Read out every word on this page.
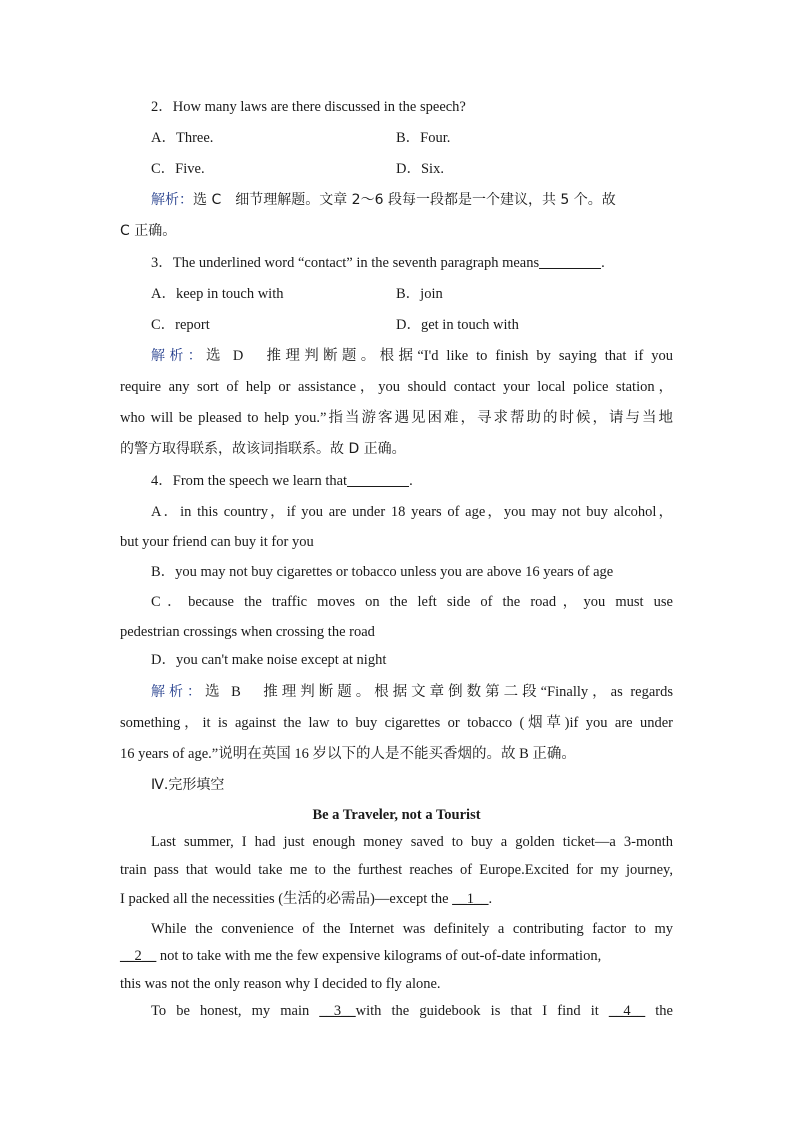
2．How many laws are there discussed in the speech?
A．Three.	B．Four.
C．Five.	D．Six.
解析：选 C　细节理解题。文章 2～6 段每一段都是一个建议，共 5 个。故
C 正确。
3．The underlined word “contact” in the seventh paragraph means	.
A．keep in touch with	B．join
C．report	D．get in touch with
解析：选 D　推理判断题。根据“I'd like to finish by saying that if you
require any sort of help or assistance，you should contact your local police station，
who will be pleased to help you.”指当游客遇见困难，寻求帮助的时候，请与当地
的警方取得联系，故该词指联系。故 D 正确。
4．From the speech we learn that	.
A．in this country，if you are under 18 years of age，you may not buy alcohol，
but your friend can buy it for you
B．you may not buy cigarettes or tobacco unless you are above 16 years of age
C．because the traffic moves on the left side of the road，you must use
pedestrian crossings when crossing the road
D．you can't make noise except at night
解析：选 B　推理判断题。根据文章倒数第二段“Finally，as regards
something，it is against the law to buy cigarettes or tobacco (烟草)if you are under
16 years of age.”说明在英国 16 岁以下的人是不能买香烟的。故 B 正确。
Ⅳ.完形填空
Be a Traveler, not a Tourist
Last summer, I had just enough money saved to buy a golden ticket—a 3-month
train pass that would take me to the furthest reaches of Europe.Excited for my journey,
I packed all the necessities (生活的必需品)—except the __1__.
While the convenience of the Internet was definitely a contributing factor to my
__2__ not to take with me the few expensive kilograms of out-of-date information,
this was not the only reason why I decided to fly alone.
To be honest, my main __3__with the guidebook is that I find it __4__ the
